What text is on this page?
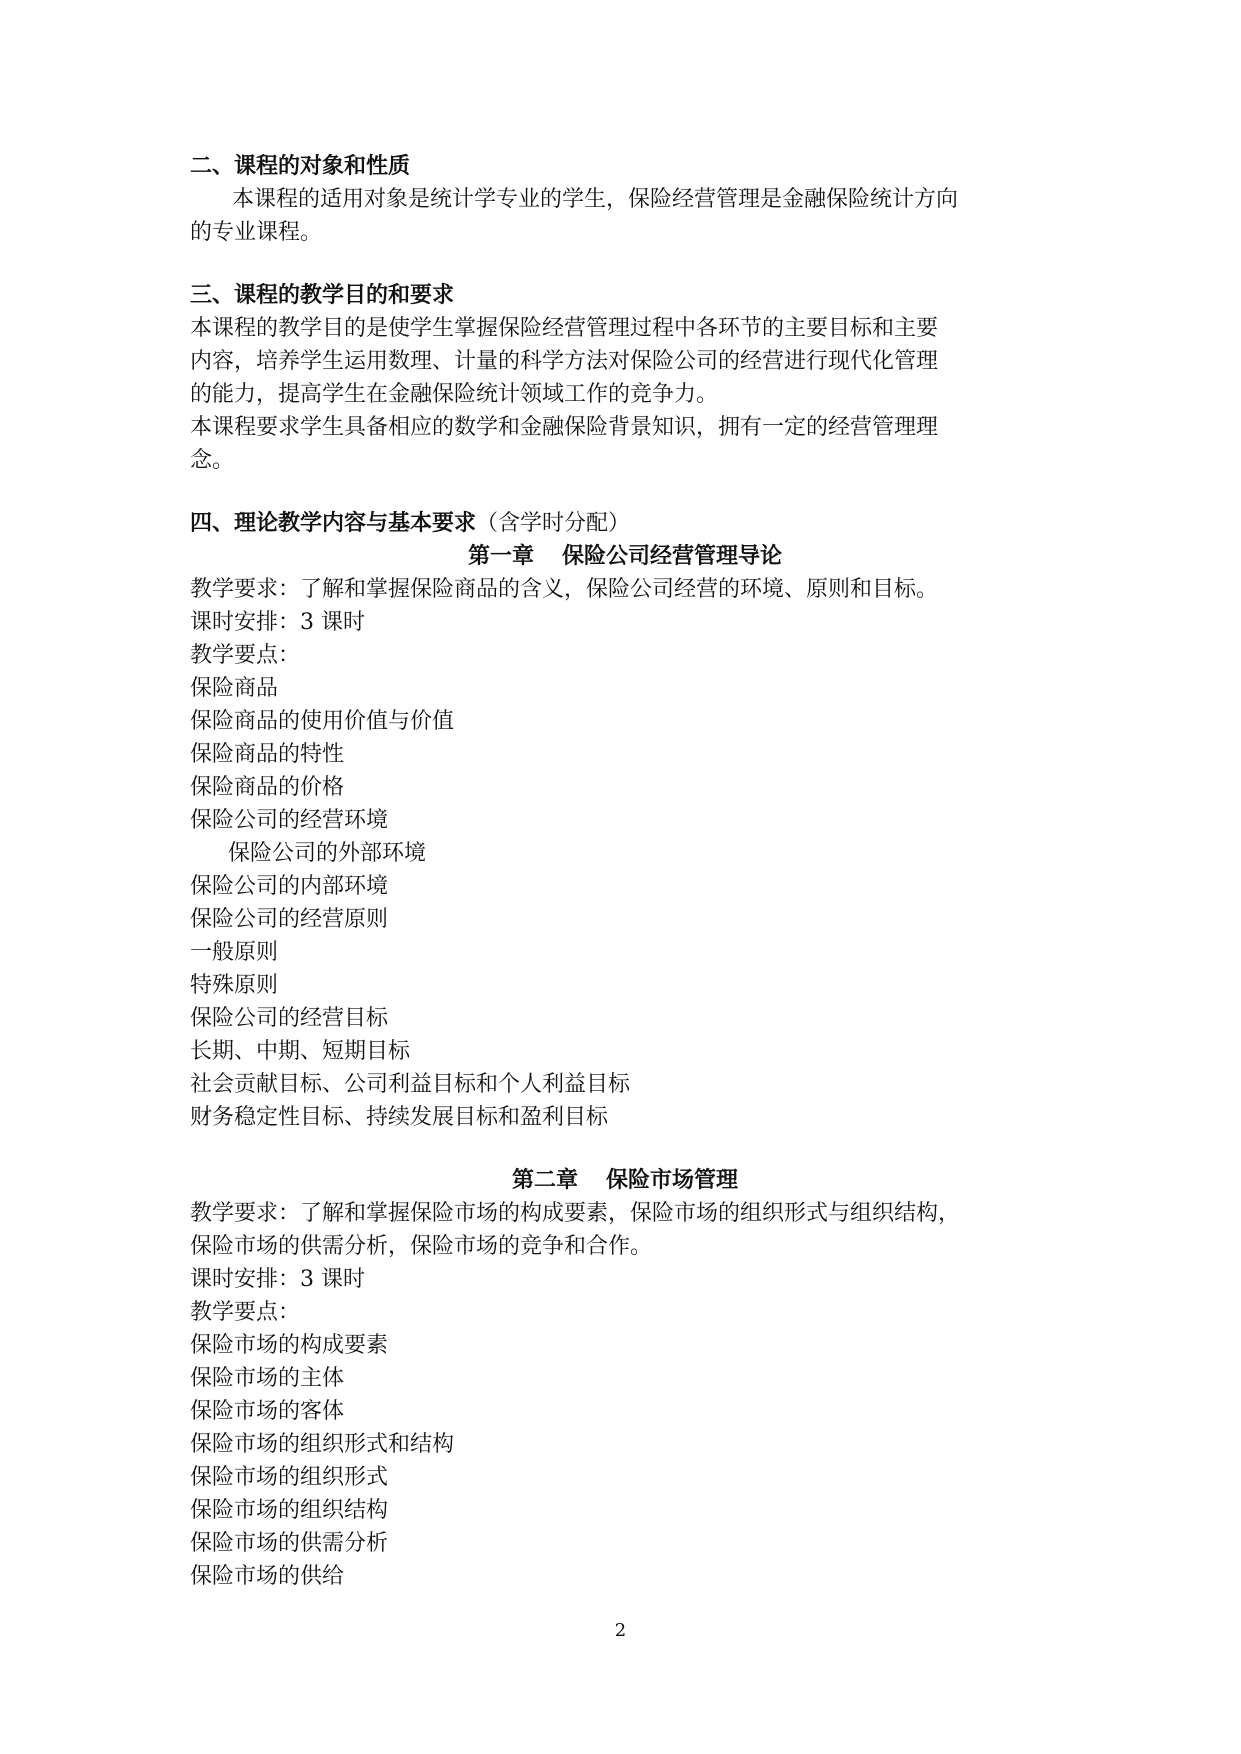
二、课程的对象和性质
本课程的适用对象是统计学专业的学生，保险经营管理是金融保险统计方向
的专业课程。
三、课程的教学目的和要求
本课程的教学目的是使学生掌握保险经营管理过程中各环节的主要目标和主要
内容，培养学生运用数理、计量的科学方法对保险公司的经营进行现代化管理
的能力，提高学生在金融保险统计领域工作的竞争力。
本课程要求学生具备相应的数学和金融保险背景知识，拥有一定的经营管理理
念。
四、理论教学内容与基本要求（含学时分配）
第一章 保险公司经营管理导论
教学要求：了解和掌握保险商品的含义，保险公司经营的环境、原则和目标。
课时安排：3 课时
教学要点：
保险商品
保险商品的使用价值与价值
保险商品的特性
保险商品的价格
保险公司的经营环境
保险公司的外部环境
保险公司的内部环境
保险公司的经营原则
一般原则
特殊原则
保险公司的经营目标
长期、中期、短期目标
社会贡献目标、公司利益目标和个人利益目标
财务稳定性目标、持续发展目标和盈利目标
第二章 保险市场管理
教学要求：了解和掌握保险市场的构成要素，保险市场的组织形式与组织结构，
保险市场的供需分析，保险市场的竞争和合作。
课时安排：3 课时
教学要点：
保险市场的构成要素
保险市场的主体
保险市场的客体
保险市场的组织形式和结构
保险市场的组织形式
保险市场的组织结构
保险市场的供需分析
保险市场的供给
2
